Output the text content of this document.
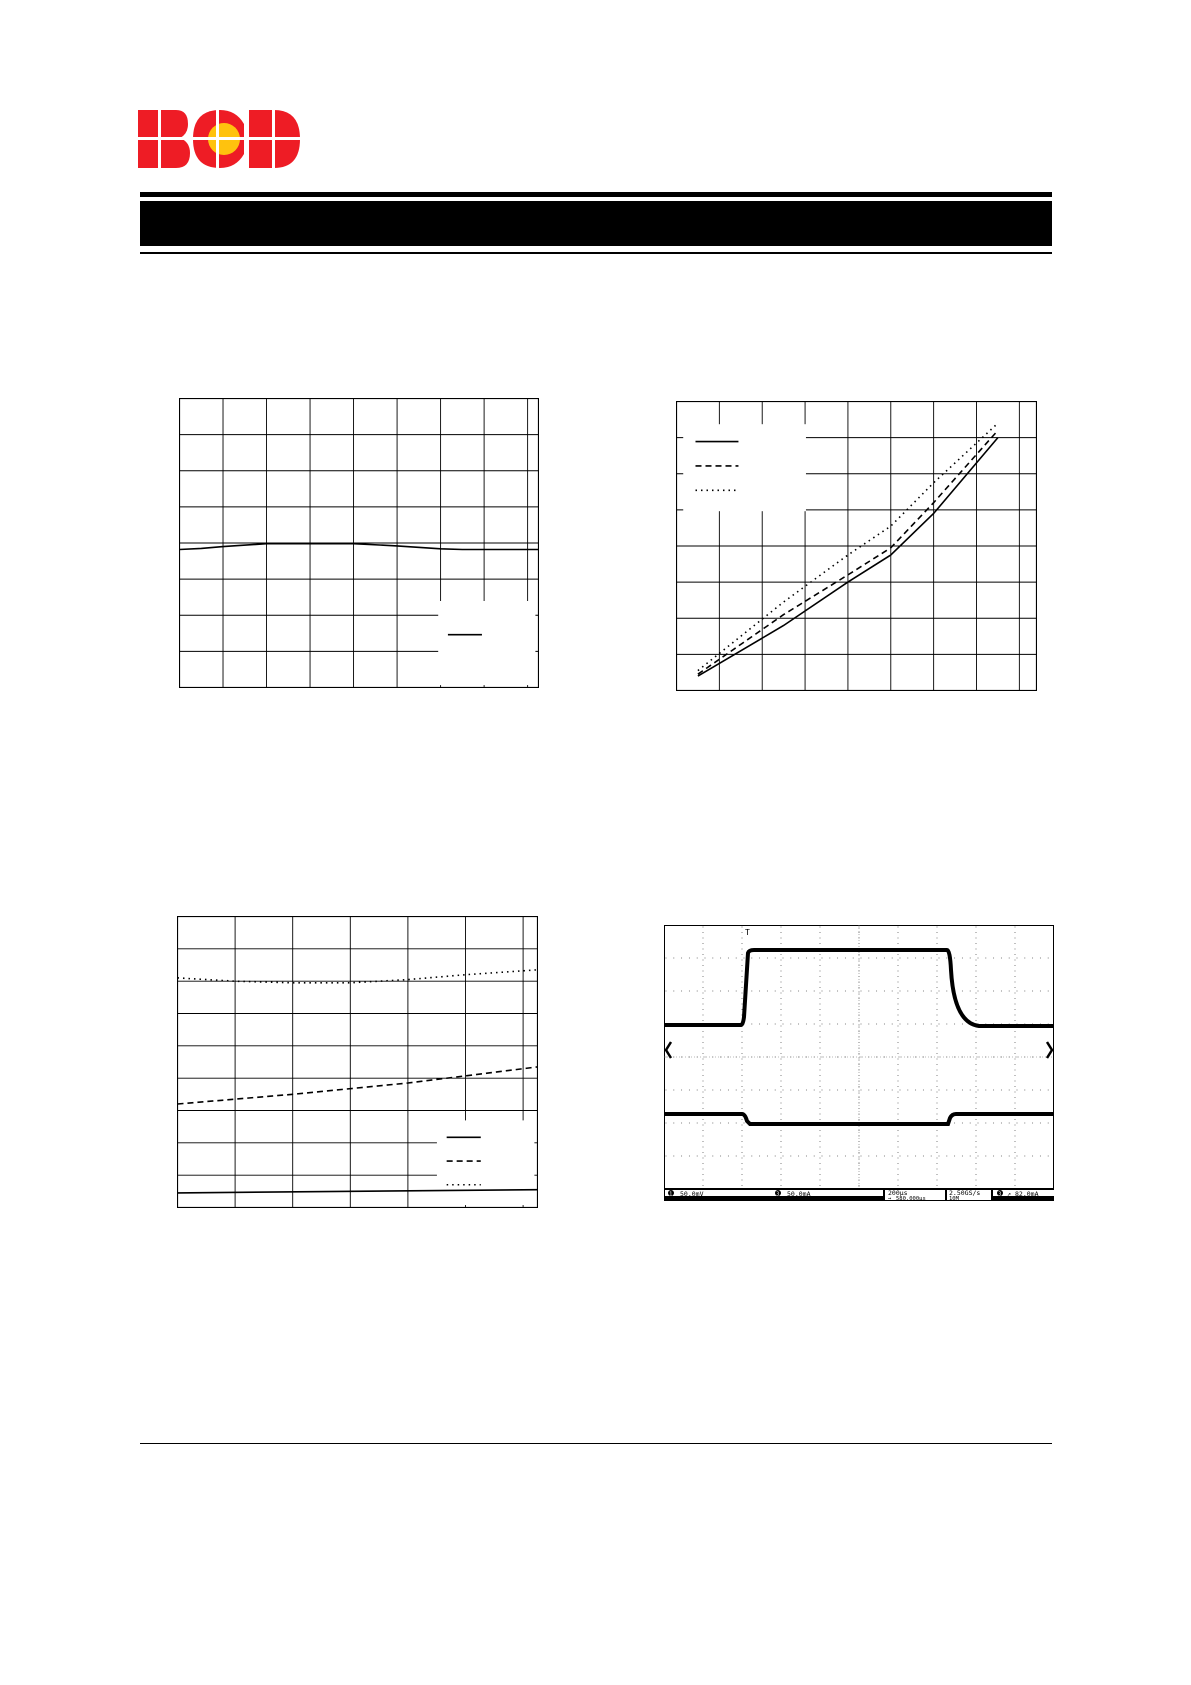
T
1 50.0mV	3 50.0mA	200μs
→ 580.000μs
2.50GS/s
10M
3 ↗ 82.0mA
